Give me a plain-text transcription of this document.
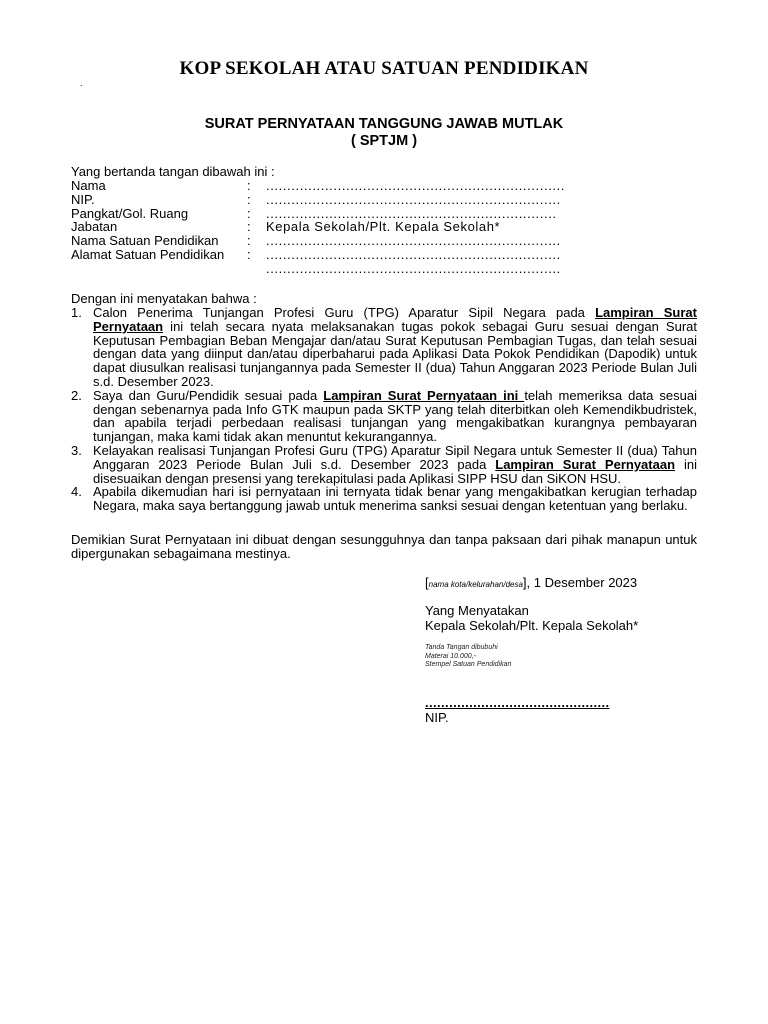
KOP SEKOLAH ATAU SATUAN PENDIDIKAN
.
SURAT PERNYATAAN TANGGUNG JAWAB MUTLAK
( SPTJM )
Yang bertanda tangan dibawah ini :
Nama	:	.......................................................................
NIP.	:	......................................................................
Pangkat/Gol. Ruang	:	.....................................................................
Jabatan	:	Kepala Sekolah/Plt. Kepala Sekolah*
Nama Satuan Pendidikan	:	......................................................................
Alamat Satuan Pendidikan	:	......................................................................
		......................................................................
Dengan ini menyatakan bahwa :
1. Calon Penerima Tunjangan Profesi Guru (TPG) Aparatur Sipil Negara pada Lampiran Surat Pernyataan ini telah secara nyata melaksanakan tugas pokok sebagai Guru sesuai dengan Surat Keputusan Pembagian Beban Mengajar dan/atau Surat Keputusan Pembagian Tugas, dan telah sesuai dengan data yang diinput dan/atau diperbaharui pada Aplikasi Data Pokok Pendidikan (Dapodik) untuk dapat diusulkan realisasi tunjangannya pada Semester II (dua) Tahun Anggaran 2023 Periode Bulan Juli s.d. Desember 2023.
2. Saya dan Guru/Pendidik sesuai pada Lampiran Surat Pernyataan ini telah memeriksa data sesuai dengan sebenarnya pada Info GTK maupun pada SKTP yang telah diterbitkan oleh Kemendikbudristek, dan apabila terjadi perbedaan realisasi tunjangan yang mengakibatkan kurangnya pembayaran tunjangan, maka kami tidak akan menuntut kekurangannya.
3. Kelayakan realisasi Tunjangan Profesi Guru (TPG) Aparatur Sipil Negara untuk Semester II (dua) Tahun Anggaran 2023 Periode Bulan Juli s.d. Desember 2023 pada Lampiran Surat Pernyataan ini disesuaikan dengan presensi yang terekapitulasi pada Aplikasi SIPP HSU dan SiKON HSU.
4. Apabila dikemudian hari isi pernyataan ini ternyata tidak benar yang mengakibatkan kerugian terhadap Negara, maka saya bertanggung jawab untuk menerima sanksi sesuai dengan ketentuan yang berlaku.
Demikian Surat Pernyataan ini dibuat dengan sesungguhnya dan tanpa paksaan dari pihak manapun untuk dipergunakan sebagaimana mestinya.
[nama kota/kelurahan/desa], 1 Desember 2023
Yang Menyatakan
Kepala Sekolah/Plt. Kepala Sekolah*
Tanda Tangan dibubuhi
Materai 10.000,-
Stempel Satuan Pendidikan
..............................................
NIP.
